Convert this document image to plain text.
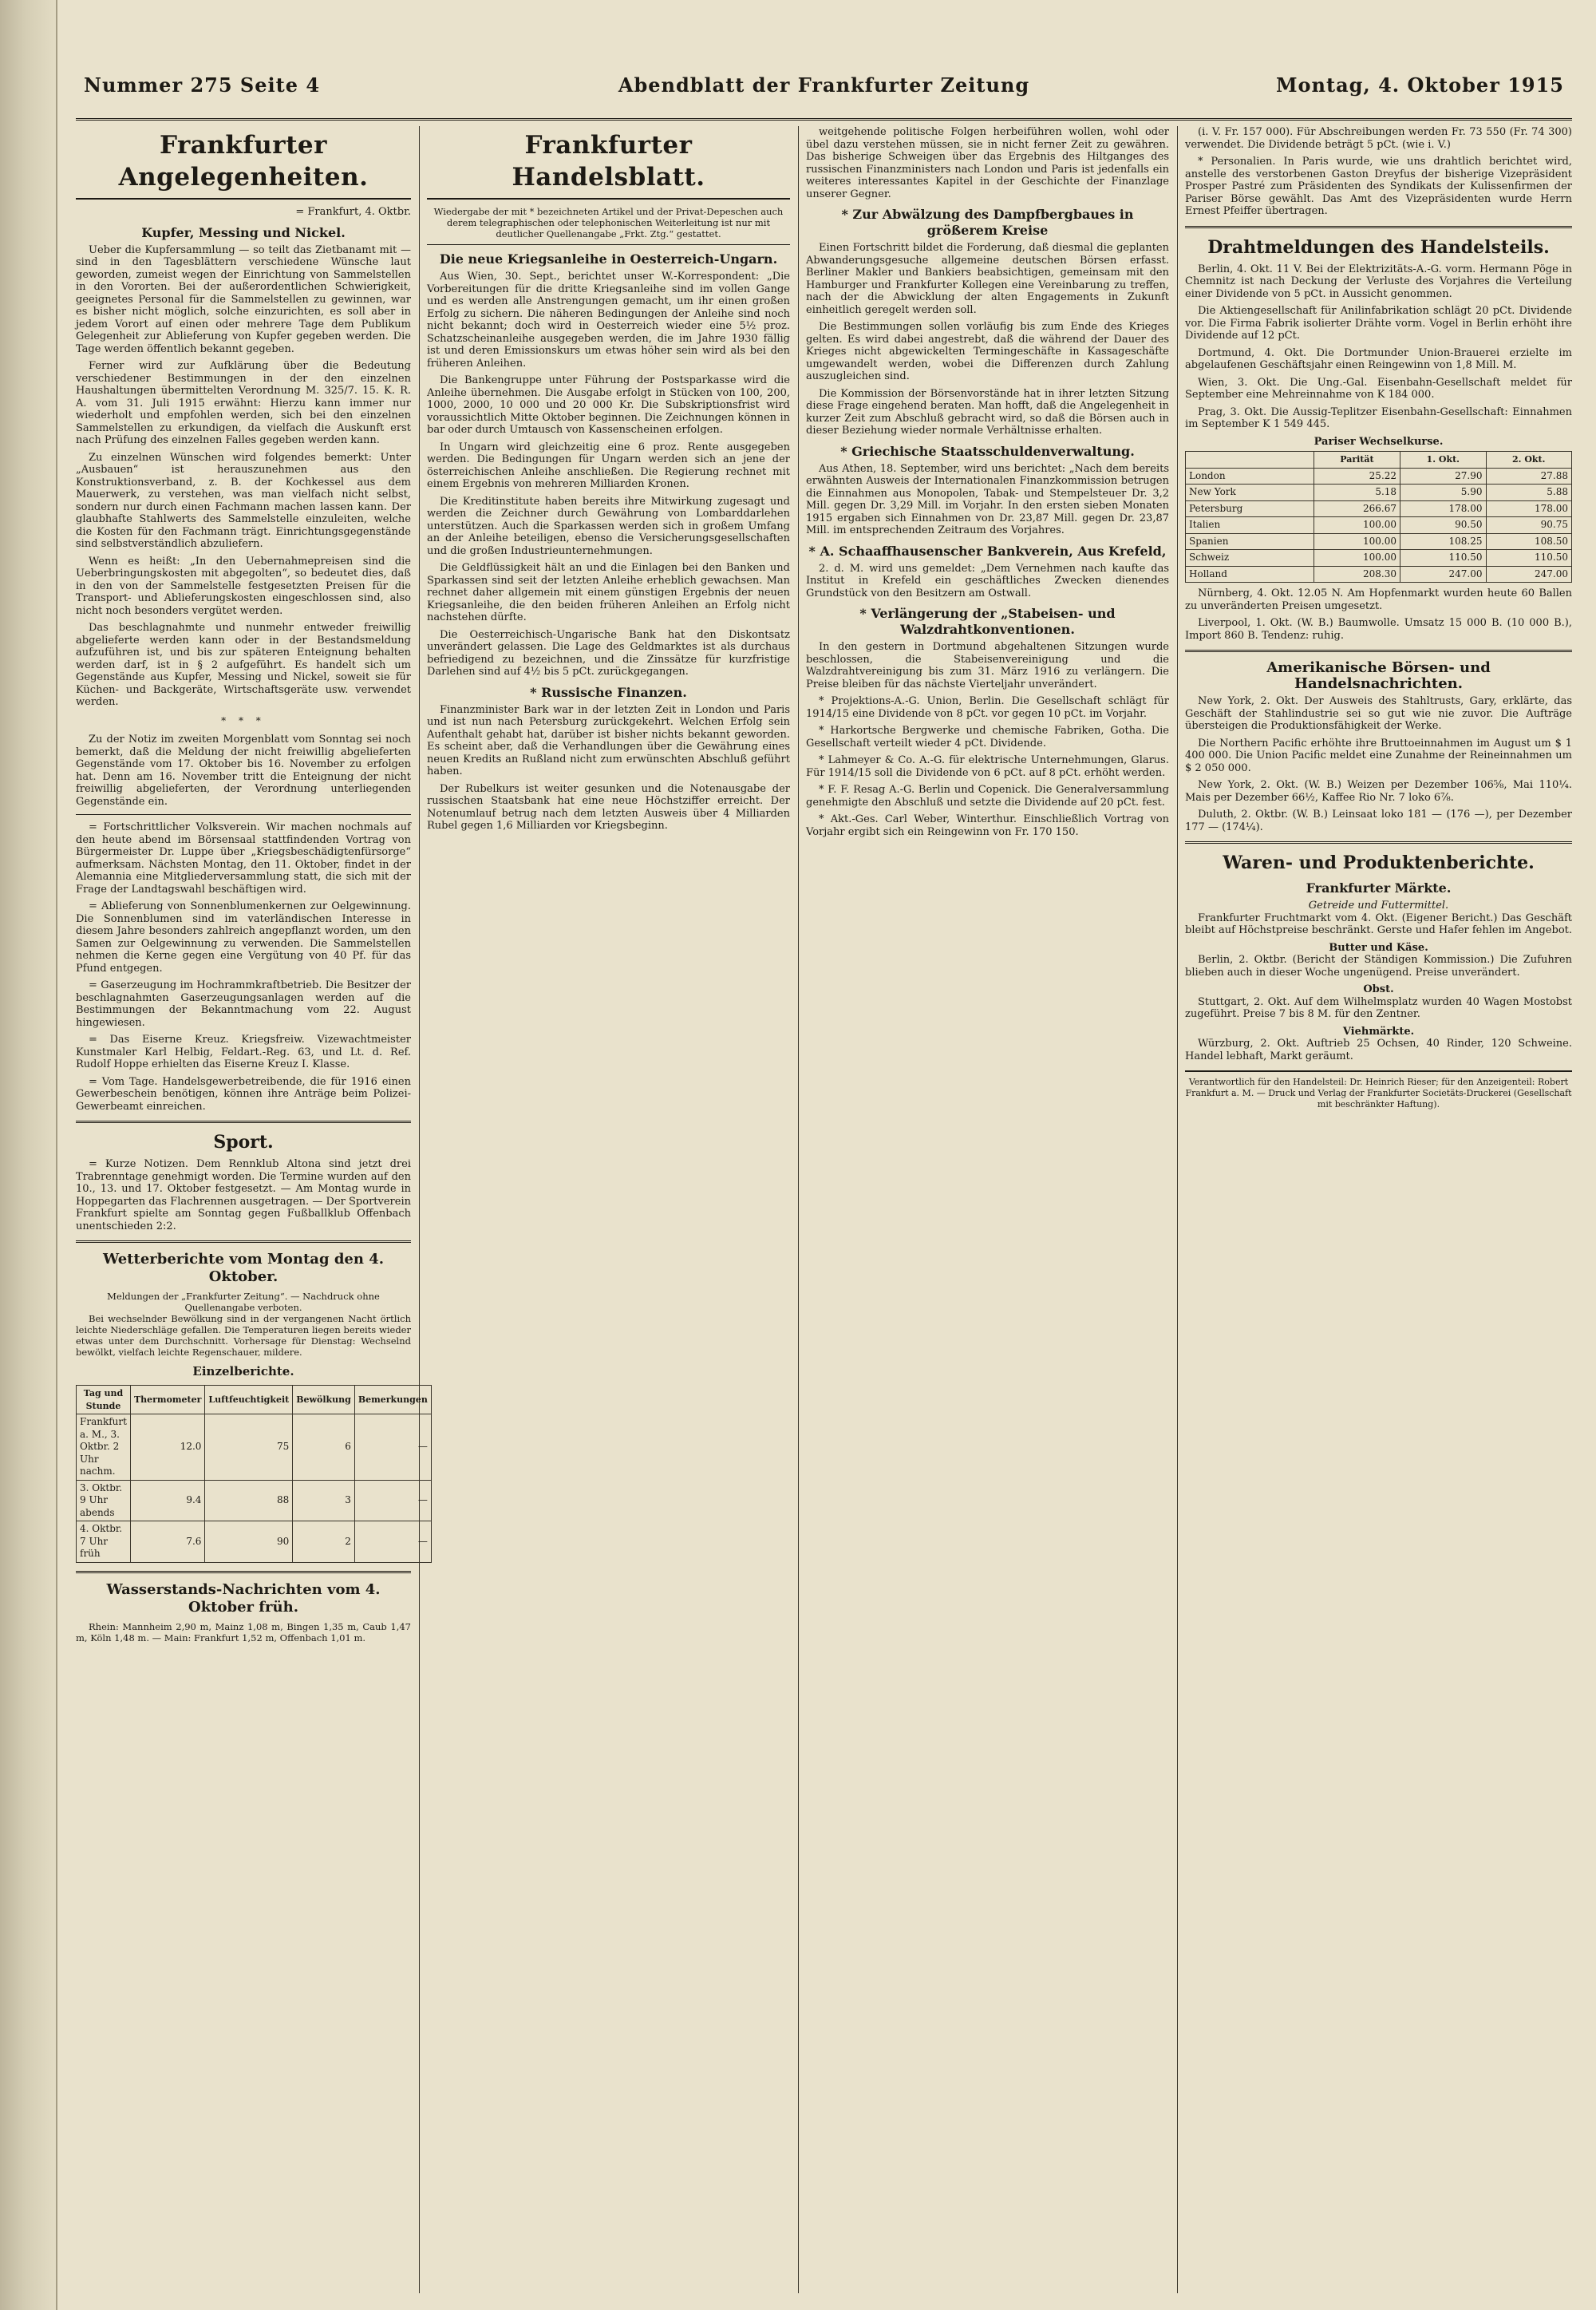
Nummer 275 Seite 4	Abendblatt der Frankfurter Zeitung	Montag, 4. Oktober 1915
Frankfurter Angelegenheiten.
= Frankfurt, 4. Oktbr.
Kupfer, Messing und Nickel.

Ueber die Kupfersammlung — so teilt das Zietbanamt mit — sind in den Tagesblättern verschiedene Wünsche laut geworden, zumeist wegen der Einrichtung von Sammelstellen in den Vororten. Bei der außerordentlichen Schwierigkeit, geeignetes Personal für die Sammelstellen zu gewinnen, war es bisher nicht möglich, solche einzurichten, es soll aber in jedem Vorort auf einen oder mehrere Tage dem Publikum Gelegenheit zur Ablieferung von Kupfer gegeben werden. Die Tage werden öffentlich bekannt gegeben.

Ferner wird zur Aufklärung über die Bedeutung verschiedener Bestimmungen in der den einzelnen Haushaltungen übermittelten Verordnung M. 325/7. 15. K. R. A. vom 31. Juli 1915 erwähnt: Hierzu kann immer nur wiederholt und empfohlen werden, sich bei den einzelnen Sammelstellen zu erkundigen, da vielfach die Auskunft erst nach Prüfung des einzelnen Falles gegeben werden kann.

Zu einzelnen Wünschen wird folgendes bemerkt: Unter „Ausbauen“ ist herauszunehmen aus den Konstruktionsverband, z. B. der Kochkessel aus dem Mauerwerk, zu verstehen, was man vielfach nicht selbst, sondern nur durch einen Fachmann machen lassen kann. Der glaubhafte Stahlwerts des Sammelstelle einzuleiten, welche die Kosten für den Fachmann trägt. Einrichtungsgegenstände sind selbstverständlich abzuliefern.

Wenn es heißt: „In den Uebernahmepreisen sind die Ueberbringungskosten mit abgegolten“, so bedeutet dies, daß in den von der Sammelstelle festgesetzten Preisen für die Transport- und Ablieferungskosten eingeschlossen sind, also nicht noch besonders vergütet werden.

Das beschlagnahmte und nunmehr entweder freiwillig abgelieferte werden kann oder in der Bestandsmeldung aufzuführen ist, und bis zur späteren Enteignung behalten werden darf, ist in § 2 aufgeführt. Es handelt sich um Gegenstände aus Kupfer, Messing und Nickel, soweit sie für Küchen- und Backgeräte, Wirtschaftsgeräte usw. verwendet werden.

* * *

Zu der Notiz im zweiten Morgenblatt vom Sonntag sei noch bemerkt, daß die Meldung der nicht freiwillig abgelieferten Gegenstände vom 17. Oktober bis 16. November zu erfolgen hat. Denn am 16. November tritt die Enteignung der nicht freiwillig abgelieferten, der Verordnung unterliegenden Gegenstände ein.

= Fortschrittlicher Volksverein. Wir machen nochmals auf den heute abend im Börsensaal stattfindenden Vortrag von Bürgermeister Dr. Luppe über „Kriegsbeschädigtenfürsorge“ aufmerksam. Nächsten Montag, den 11. Oktober, findet in der Alemannia eine Mitgliederversammlung statt, die sich mit der Frage der Landtagswahl beschäftigen wird.

= Ablieferung von Sonnenblumenkernen zur Oelgewinnung. Die Sonnenblumen sind im vaterländischen Interesse in diesem Jahre besonders zahlreich angepflanzt worden, um den Samen zur Oelgewinnung zu verwenden. Die Sammelstellen nehmen die Kerne gegen eine Vergütung von 40 Pf. für das Pfund entgegen.

= Gaserzeugung im Hochrammkraftbetrieb. Die Besitzer der beschlagnahmten Gaserzeugungsanlagen werden auf die Bestimmungen der Bekanntmachung vom 22. August hingewiesen.

= Das Eiserne Kreuz. Kriegsfreiw. Vizewachtmeister Kunstmaler Karl Helbig, Feldart.-Reg. 63, und Lt. d. Ref. Rudolf Hoppe erhielten das Eiserne Kreuz I. Klasse.

= Vom Tage. Handelsgewerbetreibende, die für 1916 einen Gewerbeschein benötigen, können ihre Anträge beim Polizei-Gewerbeamt einreichen.

Sport.

= Kurze Notizen. Dem Rennklub Altona sind jetzt drei Trabrenntage genehmigt worden. Die Termine wurden auf den 10., 13. und 17. Oktober festgesetzt. — Am Montag wurde in Hoppegarten das Flachrennen ausgetragen. — Der Sportverein Frankfurt spielte am Sonntag gegen Fußballklub Offenbach unentschieden 2:2.

Wetterberichte vom Montag den 4. Oktober.
Meldungen der „Frankfurter Zeitung“. — Nachdruck ohne Quellenangabe verboten.

Bei wechselnder Bewölkung sind in der vergangenen Nacht örtlich leichte Niederschläge gefallen. Die Temperaturen liegen bereits wieder etwas unter dem Durchschnitt. Vorhersage für Dienstag: Wechselnd bewölkt, vielfach leichte Regenschauer, mildere.

Einzelberichte.
Tag und Stunde	Thermometer	Luftfeuchtigkeit	Bewölkung	Bemerkungen
Frankfurt a. M., 3. Oktbr. 2 Uhr nachm.	12.0	75	6	—
3. Oktbr. 9 Uhr abends	9.4	88	3	—
4. Oktbr. 7 Uhr früh	7.6	90	2	—
Wasserstands-Nachrichten vom 4. Oktober früh.

Rhein: Mannheim 2,90 m, Mainz 1,08 m, Bingen 1,35 m, Caub 1,47 m, Köln 1,48 m. — Main: Frankfurt 1,52 m, Offenbach 1,01 m.

Frankfurter Handelsblatt.
Wiedergabe der mit * bezeichneten Artikel und der Privat-Depeschen auch derem telegraphischen oder telephonischen Weiterleitung ist nur mit deutlicher Quellenangabe „Frkt. Ztg.“ gestattet.
Die neue Kriegsanleihe in Oesterreich-Ungarn.

Aus Wien, 30. Sept., berichtet unser W.-Korrespondent: „Die Vorbereitungen für die dritte Kriegsanleihe sind im vollen Gange und es werden alle Anstrengungen gemacht, um ihr einen großen Erfolg zu sichern. Die näheren Bedingungen der Anleihe sind noch nicht bekannt; doch wird in Oesterreich wieder eine 5½ proz. Schatzscheinanleihe ausgegeben werden, die im Jahre 1930 fällig ist und deren Emissionskurs um etwas höher sein wird als bei den früheren Anleihen.

Die Bankengruppe unter Führung der Postsparkasse wird die Anleihe übernehmen. Die Ausgabe erfolgt in Stücken von 100, 200, 1000, 2000, 10 000 und 20 000 Kr. Die Subskriptionsfrist wird voraussichtlich Mitte Oktober beginnen. Die Zeichnungen können in bar oder durch Umtausch von Kassenscheinen erfolgen.

In Ungarn wird gleichzeitig eine 6 proz. Rente ausgegeben werden. Die Bedingungen für Ungarn werden sich an jene der österreichischen Anleihe anschließen. Die Regierung rechnet mit einem Ergebnis von mehreren Milliarden Kronen.

Die Kreditinstitute haben bereits ihre Mitwirkung zugesagt und werden die Zeichner durch Gewährung von Lombarddarlehen unterstützen. Auch die Sparkassen werden sich in großem Umfang an der Anleihe beteiligen, ebenso die Versicherungsgesellschaften und die großen Industrieunternehmungen.

Die Geldflüssigkeit hält an und die Einlagen bei den Banken und Sparkassen sind seit der letzten Anleihe erheblich gewachsen. Man rechnet daher allgemein mit einem günstigen Ergebnis der neuen Kriegsanleihe, die den beiden früheren Anleihen an Erfolg nicht nachstehen dürfte.

Die Oesterreichisch-Ungarische Bank hat den Diskontsatz unverändert gelassen. Die Lage des Geldmarktes ist als durchaus befriedigend zu bezeichnen, und die Zinssätze für kurzfristige Darlehen sind auf 4½ bis 5 pCt. zurückgegangen.

* Russische Finanzen.

Finanzminister Bark war in der letzten Zeit in London und Paris und ist nun nach Petersburg zurückgekehrt. Welchen Erfolg sein Aufenthalt gehabt hat, darüber ist bisher nichts bekannt geworden. Es scheint aber, daß die Verhandlungen über die Gewährung eines neuen Kredits an Rußland nicht zum erwünschten Abschluß geführt haben.

Der Rubelkurs ist weiter gesunken und die Notenausgabe der russischen Staatsbank hat eine neue Höchstziffer erreicht. Der Notenumlauf betrug nach dem letzten Ausweis über 4 Milliarden Rubel gegen 1,6 Milliarden vor Kriegsbeginn.

weitgehende politische Folgen herbeiführen wollen, wohl oder übel dazu verstehen müssen, sie in nicht ferner Zeit zu gewähren. Das bisherige Schweigen über das Ergebnis des Hiltganges des russischen Finanzministers nach London und Paris ist jedenfalls ein weiteres interessantes Kapitel in der Geschichte der Finanzlage unserer Gegner.

* Zur Abwälzung des Dampfbergbaues in größerem Kreise

Einen Fortschritt bildet die Forderung, daß diesmal die geplanten Abwanderungsgesuche allgemeine deutschen Börsen erfasst. Berliner Makler und Bankiers beabsichtigen, gemeinsam mit den Hamburger und Frankfurter Kollegen eine Vereinbarung zu treffen, nach der die Abwicklung der alten Engagements in Zukunft einheitlich geregelt werden soll.

Die Bestimmungen sollen vorläufig bis zum Ende des Krieges gelten. Es wird dabei angestrebt, daß die während der Dauer des Krieges nicht abgewickelten Termingeschäfte in Kassageschäfte umgewandelt werden, wobei die Differenzen durch Zahlung auszugleichen sind.

Die Kommission der Börsenvorstände hat in ihrer letzten Sitzung diese Frage eingehend beraten. Man hofft, daß die Angelegenheit in kurzer Zeit zum Abschluß gebracht wird, so daß die Börsen auch in dieser Beziehung wieder normale Verhältnisse erhalten.

* Griechische Staatsschuldenverwaltung.

Aus Athen, 18. September, wird uns berichtet: „Nach dem bereits erwähnten Ausweis der Internationalen Finanzkommission betrugen die Einnahmen aus Monopolen, Tabak- und Stempelsteuer Dr. 3,2 Mill. gegen Dr. 3,29 Mill. im Vorjahr. In den ersten sieben Monaten 1915 ergaben sich Einnahmen von Dr. 23,87 Mill. gegen Dr. 23,87 Mill. im entsprechenden Zeitraum des Vorjahres.

* A. Schaaffhausenscher Bankverein, Aus Krefeld,

2. d. M. wird uns gemeldet: „Dem Vernehmen nach kaufte das Institut in Krefeld ein geschäftliches Zwecken dienendes Grundstück von den Besitzern am Ostwall.

* Verlängerung der „Stabeisen- und Walzdrahtkonventionen.

In den gestern in Dortmund abgehaltenen Sitzungen wurde beschlossen, die Stabeisenvereinigung und die Walzdrahtvereinigung bis zum 31. März 1916 zu verlängern. Die Preise bleiben für das nächste Vierteljahr unverändert.

* Projektions-A.-G. Union, Berlin. Die Gesellschaft schlägt für 1914/15 eine Dividende von 8 pCt. vor gegen 10 pCt. im Vorjahr.

* Harkortsche Bergwerke und chemische Fabriken, Gotha. Die Gesellschaft verteilt wieder 4 pCt. Dividende.

* Lahmeyer & Co. A.-G. für elektrische Unternehmungen, Glarus. Für 1914/15 soll die Dividende von 6 pCt. auf 8 pCt. erhöht werden.

* F. F. Resag A.-G. Berlin und Copenick. Die Generalversammlung genehmigte den Abschluß und setzte die Dividende auf 20 pCt. fest.

* Akt.-Ges. Carl Weber, Winterthur. Einschließlich Vortrag von Vorjahr ergibt sich ein Reingewinn von Fr. 170 150.

(i. V. Fr. 157 000). Für Abschreibungen werden Fr. 73 550 (Fr. 74 300) verwendet. Die Dividende beträgt 5 pCt. (wie i. V.)

* Personalien. In Paris wurde, wie uns drahtlich berichtet wird, anstelle des verstorbenen Gaston Dreyfus der bisherige Vizepräsident Prosper Pastré zum Präsidenten des Syndikats der Kulissenfirmen der Pariser Börse gewählt. Das Amt des Vizepräsidenten wurde Herrn Ernest Pfeiffer übertragen.

Drahtmeldungen des Handelsteils.

Berlin, 4. Okt. 11 V. Bei der Elektrizitäts-A.-G. vorm. Hermann Pöge in Chemnitz ist nach Deckung der Verluste des Vorjahres die Verteilung einer Dividende von 5 pCt. in Aussicht genommen.

Die Aktiengesellschaft für Anilinfabrikation schlägt 20 pCt. Dividende vor. Die Firma Fabrik isolierter Drähte vorm. Vogel in Berlin erhöht ihre Dividende auf 12 pCt.

Dortmund, 4. Okt. Die Dortmunder Union-Brauerei erzielte im abgelaufenen Geschäftsjahr einen Reingewinn von 1,8 Mill. M.

Wien, 3. Okt. Die Ung.-Gal. Eisenbahn-Gesellschaft meldet für September eine Mehreinnahme von K 184 000.

Prag, 3. Okt. Die Aussig-Teplitzer Eisenbahn-Gesellschaft: Einnahmen im September K 1 549 445.

Pariser Wechselkurse.
	Parität	1. Okt.	2. Okt.
London	25.22	27.90	27.88
New York	5.18	5.90	5.88
Petersburg	266.67	178.00	178.00
Italien	100.00	90.50	90.75
Spanien	100.00	108.25	108.50
Schweiz	100.00	110.50	110.50
Holland	208.30	247.00	247.00

Nürnberg, 4. Okt. 12.05 N. Am Hopfenmarkt wurden heute 60 Ballen zu unveränderten Preisen umgesetzt.

Liverpool, 1. Okt. (W. B.) Baumwolle. Umsatz 15 000 B. (10 000 B.), Import 860 B. Tendenz: ruhig.

Amerikanische Börsen- und Handelsnachrichten.

New York, 2. Okt. Der Ausweis des Stahltrusts, Gary, erklärte, das Geschäft der Stahlindustrie sei so gut wie nie zuvor. Die Aufträge übersteigen die Produktionsfähigkeit der Werke.

Die Northern Pacific erhöhte ihre Bruttoeinnahmen im August um $ 1 400 000. Die Union Pacific meldet eine Zunahme der Reineinnahmen um $ 2 050 000.

New York, 2. Okt. (W. B.) Weizen per Dezember 106⅝, Mai 110¼. Mais per Dezember 66½, Kaffee Rio Nr. 7 loko 6⅞.

Duluth, 2. Oktbr. (W. B.) Leinsaat loko 181 — (176 —), per Dezember 177 — (174¼).

Waren- und Produktenberichte.
Frankfurter Märkte.
Getreide und Futtermittel.

Frankfurter Fruchtmarkt vom 4. Okt. (Eigener Bericht.) Das Geschäft bleibt auf Höchstpreise beschränkt. Gerste und Hafer fehlen im Angebot.

Butter und Käse.

Berlin, 2. Oktbr. (Bericht der Ständigen Kommission.) Die Zufuhren blieben auch in dieser Woche ungenügend. Preise unverändert.

Obst.

Stuttgart, 2. Okt. Auf dem Wilhelmsplatz wurden 40 Wagen Mostobst zugeführt. Preise 7 bis 8 M. für den Zentner.

Viehmärkte.

Würzburg, 2. Okt. Auftrieb 25 Ochsen, 40 Rinder, 120 Schweine. Handel lebhaft, Markt geräumt.

Verantwortlich für den Handelsteil: Dr. Heinrich Rieser; für den Anzeigenteil: Robert Frankfurt a. M. — Druck und Verlag der Frankfurter Societäts-Druckerei (Gesellschaft mit beschränkter Haftung).
